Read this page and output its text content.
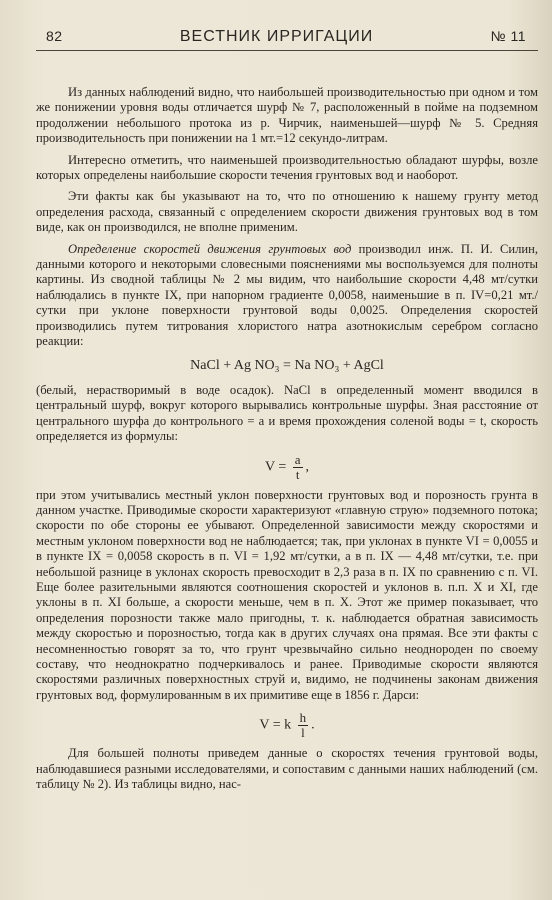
82	ВЕСТНИК ИРРИГАЦИИ	№ 11

Из данных наблюдений видно, что наибольшей производительностью при одном и том же понижении уровня воды отличается шурф № 7, расположенный в пойме на подземном продолжении небольшого протока из р. Чирчик, наименьшей—шурф № 5. Средняя производительность при понижении на 1 мт.=12 секундо-литрам.

Интересно отметить, что наименьшей производительностью обладают шурфы, возле которых определены наибольшие скорости течения грунтовых вод и наоборот.

Эти факты как бы указывают на то, что по отношению к нашему грунту метод определения расхода, связанный с определением скорости движения грунтовых вод в том виде, как он производился, не вполне применим.

Определение скоростей движения грунтовых вод производил инж. П. И. Силин, данными которого и некоторыми словесными пояснениями мы воспользуемся для полноты картины. Из сводной таблицы № 2 мы видим, что наибольшие скорости 4,48 мт/сутки наблюдались в пункте IX, при напорном градиенте 0,0058, наименьшие в п. IV=0,21 мт./сутки при уклоне поверхности грунтовой воды 0,0025. Определения скоростей производились путем титрования хлористого натра азотнокислым серебром согласно реакции:

NaCl + Ag NO₃ = Na NO₃ + AgCl

(белый, нерастворимый в воде осадок). NaCl в определенный момент вводился в центральный шурф, вокруг которого вырывались контрольные шурфы. Зная расстояние от центрального шурфа до контрольного = a и время прохождения соленой воды = t, скорость определяется из формулы:

$V = \frac{a}{t}$ ,

при этом учитывались местный уклон поверхности грунтовых вод и порозность грунта в данном участке. Приводимые скорости характеризуют «главную струю» подземного потока; скорости по обе стороны ее убывают. Определенной зависимости между скоростями и местным уклоном поверхности вод не наблюдается; так, при уклонах в пункте VI = 0,0055 и в пункте IX = 0,0058 скорость в п. VI = 1,92 мт/сутки, а в п. IX — 4,48 мт/сутки, т.е. при небольшой разнице в уклонах скорость превосходит в 2,3 раза в п. IX по сравнению с п. VI. Еще более разительными являются соотношения скоростей и уклонов в. п.п. X и XI, где уклоны в п. XI больше, а скорости меньше, чем в п. X. Этот же пример показывает, что определения порозности также мало пригодны, т. к. наблюдается обратная зависимость между скоростью и порозностью, тогда как в других случаях она прямая. Все эти факты с несомненностью говорят за то, что грунт чрезвычайно сильно неоднороден по своему составу, что неоднократно подчеркивалось и ранее. Приводимые скорости являются скоростями различных поверхностных струй и, видимо, не подчинены законам движения грунтовых вод, формулированным в их примитиве еще в 1856 г. Дарси:

V = k $\frac{h}{l}$ .

Для большей полноты приведем данные о скоростях течения грунтовой воды, наблюдавшиеся разными исследователями, и сопоставим с данными наших наблюдений (см. таблицу № 2). Из таблицы видно, нас-
